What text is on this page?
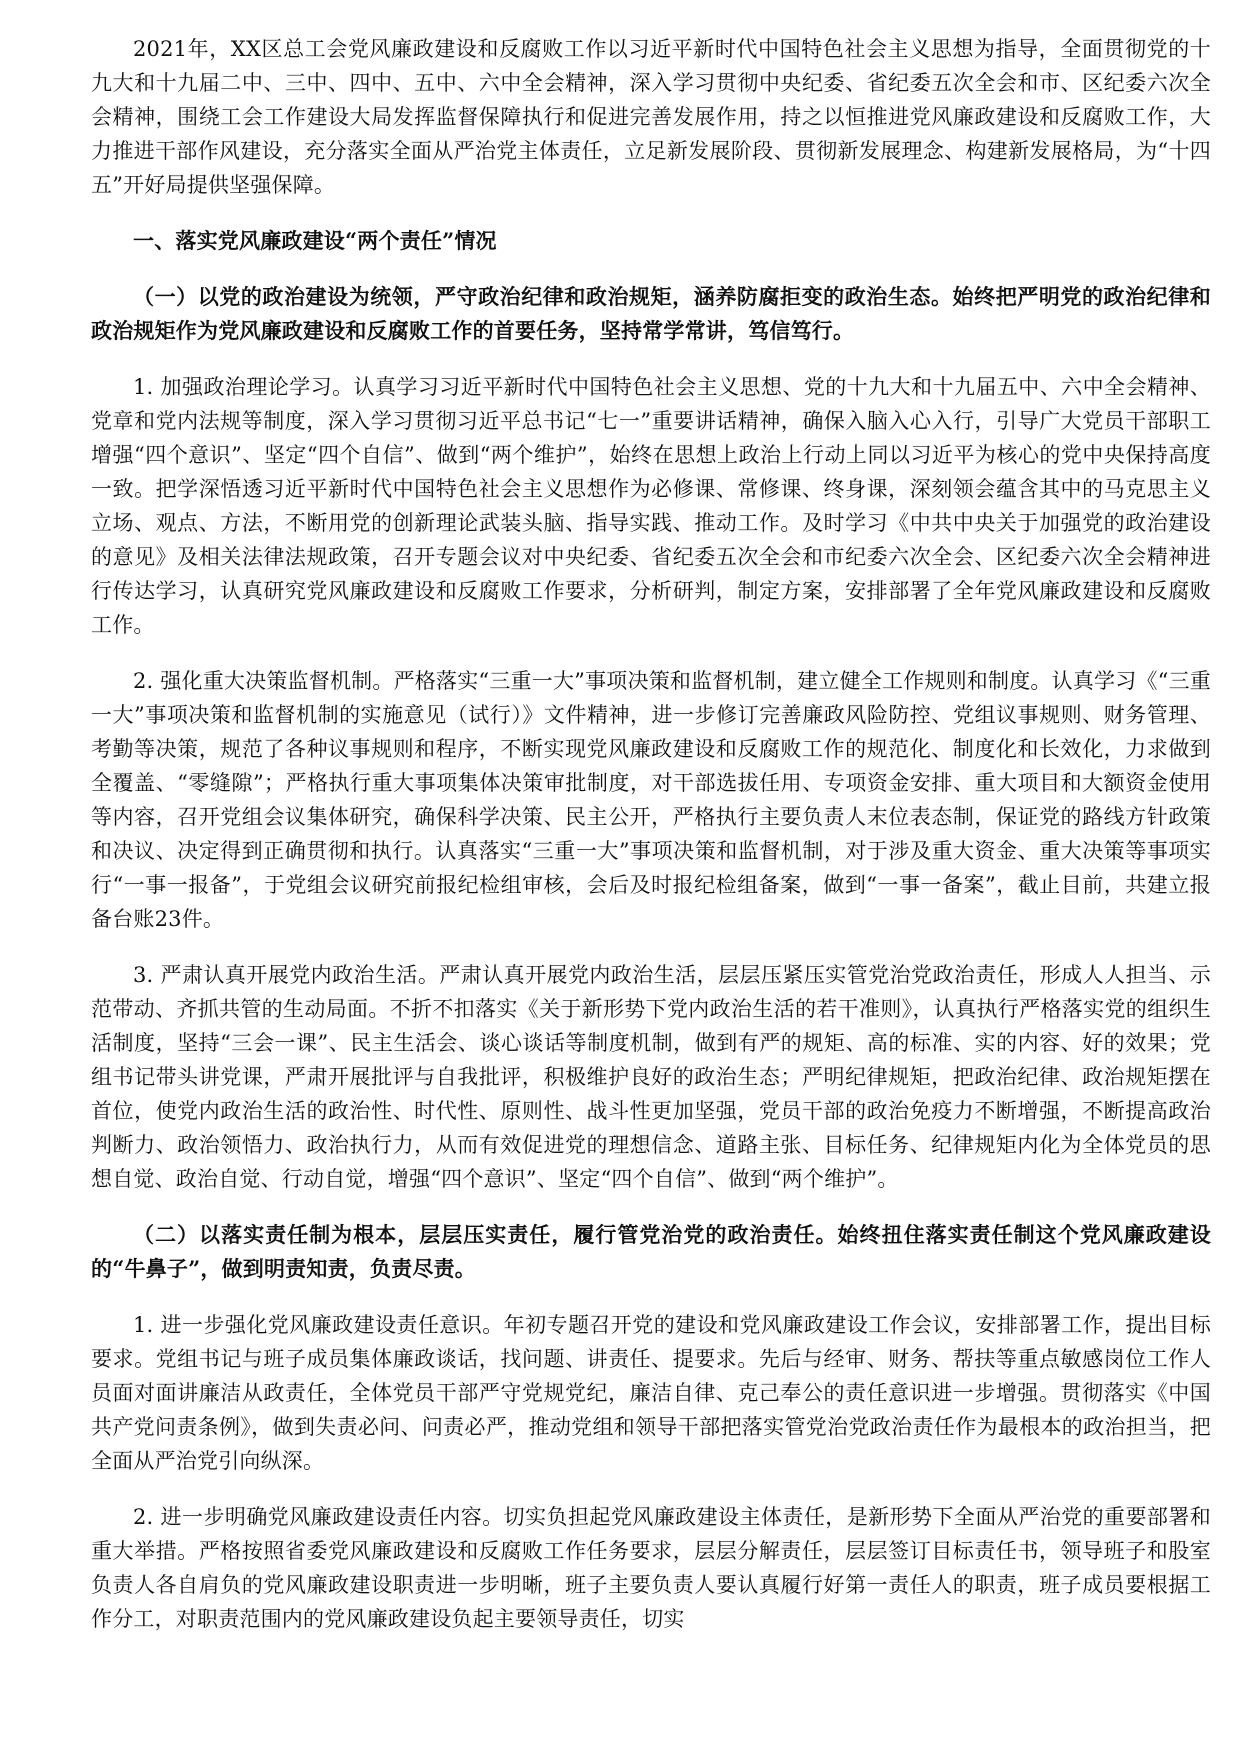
2021年，XX区总工会党风廉政建设和反腐败工作以习近平新时代中国特色社会主义思想为指导，全面贯彻党的十九大和十九届二中、三中、四中、五中、六中全会精神，深入学习贯彻中央纪委、省纪委五次全会和市、区纪委六次全会精神，围绕工会工作建设大局发挥监督保障执行和促进完善发展作用，持之以恒推进党风廉政建设和反腐败工作，大力推进干部作风建设，充分落实全面从严治党主体责任，立足新发展阶段、贯彻新发展理念、构建新发展格局，为“十四五”开好局提供坚强保障。

一、落实党风廉政建设“两个责任”情况

（一）以党的政治建设为统领，严守政治纪律和政治规矩，涵养防腐拒变的政治生态。始终把严明党的政治纪律和政治规矩作为党风廉政建设和反腐败工作的首要任务，坚持常学常讲，笃信笃行。

1. 加强政治理论学习。认真学习习近平新时代中国特色社会主义思想、党的十九大和十九届五中、六中全会精神、党章和党内法规等制度，深入学习贯彻习近平总书记“七一”重要讲话精神，确保入脑入心入行，引导广大党员干部职工增强“四个意识”、坚定“四个自信”、做到“两个维护”，始终在思想上政治上行动上同以习近平为核心的党中央保持高度一致。把学深悟透习近平新时代中国特色社会主义思想作为必修课、常修课、终身课，深刻领会蕴含其中的马克思主义立场、观点、方法，不断用党的创新理论武装头脑、指导实践、推动工作。及时学习《中共中央关于加强党的政治建设的意见》及相关法律法规政策，召开专题会议对中央纪委、省纪委五次全会和市纪委六次全会、区纪委六次全会精神进行传达学习，认真研究党风廉政建设和反腐败工作要求，分析研判，制定方案，安排部署了全年党风廉政建设和反腐败工作。

2. 强化重大决策监督机制。严格落实“三重一大”事项决策和监督机制，建立健全工作规则和制度。认真学习《“三重一大”事项决策和监督机制的实施意见（试行）》文件精神，进一步修订完善廉政风险防控、党组议事规则、财务管理、考勤等决策，规范了各种议事规则和程序，不断实现党风廉政建设和反腐败工作的规范化、制度化和长效化，力求做到全覆盖、“零缝隙”；严格执行重大事项集体决策审批制度，对干部选拔任用、专项资金安排、重大项目和大额资金使用等内容，召开党组会议集体研究，确保科学决策、民主公开，严格执行主要负责人末位表态制，保证党的路线方针政策和决议、决定得到正确贯彻和执行。认真落实“三重一大”事项决策和监督机制，对于涉及重大资金、重大决策等事项实行“一事一报备”，于党组会议研究前报纪检组审核，会后及时报纪检组备案，做到“一事一备案”，截止目前，共建立报备台账23件。

3. 严肃认真开展党内政治生活。严肃认真开展党内政治生活，层层压紧压实管党治党政治责任，形成人人担当、示范带动、齐抓共管的生动局面。不折不扣落实《关于新形势下党内政治生活的若干准则》，认真执行严格落实党的组织生活制度，坚持“三会一课”、民主生活会、谈心谈话等制度机制，做到有严的规矩、高的标准、实的内容、好的效果；党组书记带头讲党课，严肃开展批评与自我批评，积极维护良好的政治生态；严明纪律规矩，把政治纪律、政治规矩摆在首位，使党内政治生活的政治性、时代性、原则性、战斗性更加坚强，党员干部的政治免疫力不断增强，不断提高政治判断力、政治领悟力、政治执行力，从而有效促进党的理想信念、道路主张、目标任务、纪律规矩内化为全体党员的思想自觉、政治自觉、行动自觉，增强“四个意识”、坚定“四个自信”、做到“两个维护”。

（二）以落实责任制为根本，层层压实责任，履行管党治党的政治责任。始终扭住落实责任制这个党风廉政建设的“牛鼻子”，做到明责知责，负责尽责。

1. 进一步强化党风廉政建设责任意识。年初专题召开党的建设和党风廉政建设工作会议，安排部署工作，提出目标要求。党组书记与班子成员集体廉政谈话，找问题、讲责任、提要求。先后与经审、财务、帮扶等重点敏感岗位工作人员面对面讲廉洁从政责任，全体党员干部严守党规党纪，廉洁自律、克己奉公的责任意识进一步增强。贯彻落实《中国共产党问责条例》，做到失责必问、问责必严，推动党组和领导干部把落实管党治党政治责任作为最根本的政治担当，把全面从严治党引向纵深。

2. 进一步明确党风廉政建设责任内容。切实负担起党风廉政建设主体责任，是新形势下全面从严治党的重要部署和重大举措。严格按照省委党风廉政建设和反腐败工作任务要求，层层分解责任，层层签订目标责任书，领导班子和股室负责人各自肩负的党风廉政建设职责进一步明晰，班子主要负责人要认真履行好第一责任人的职责，班子成员要根据工作分工，对职责范围内的党风廉政建设负起主要领导责任，切实
